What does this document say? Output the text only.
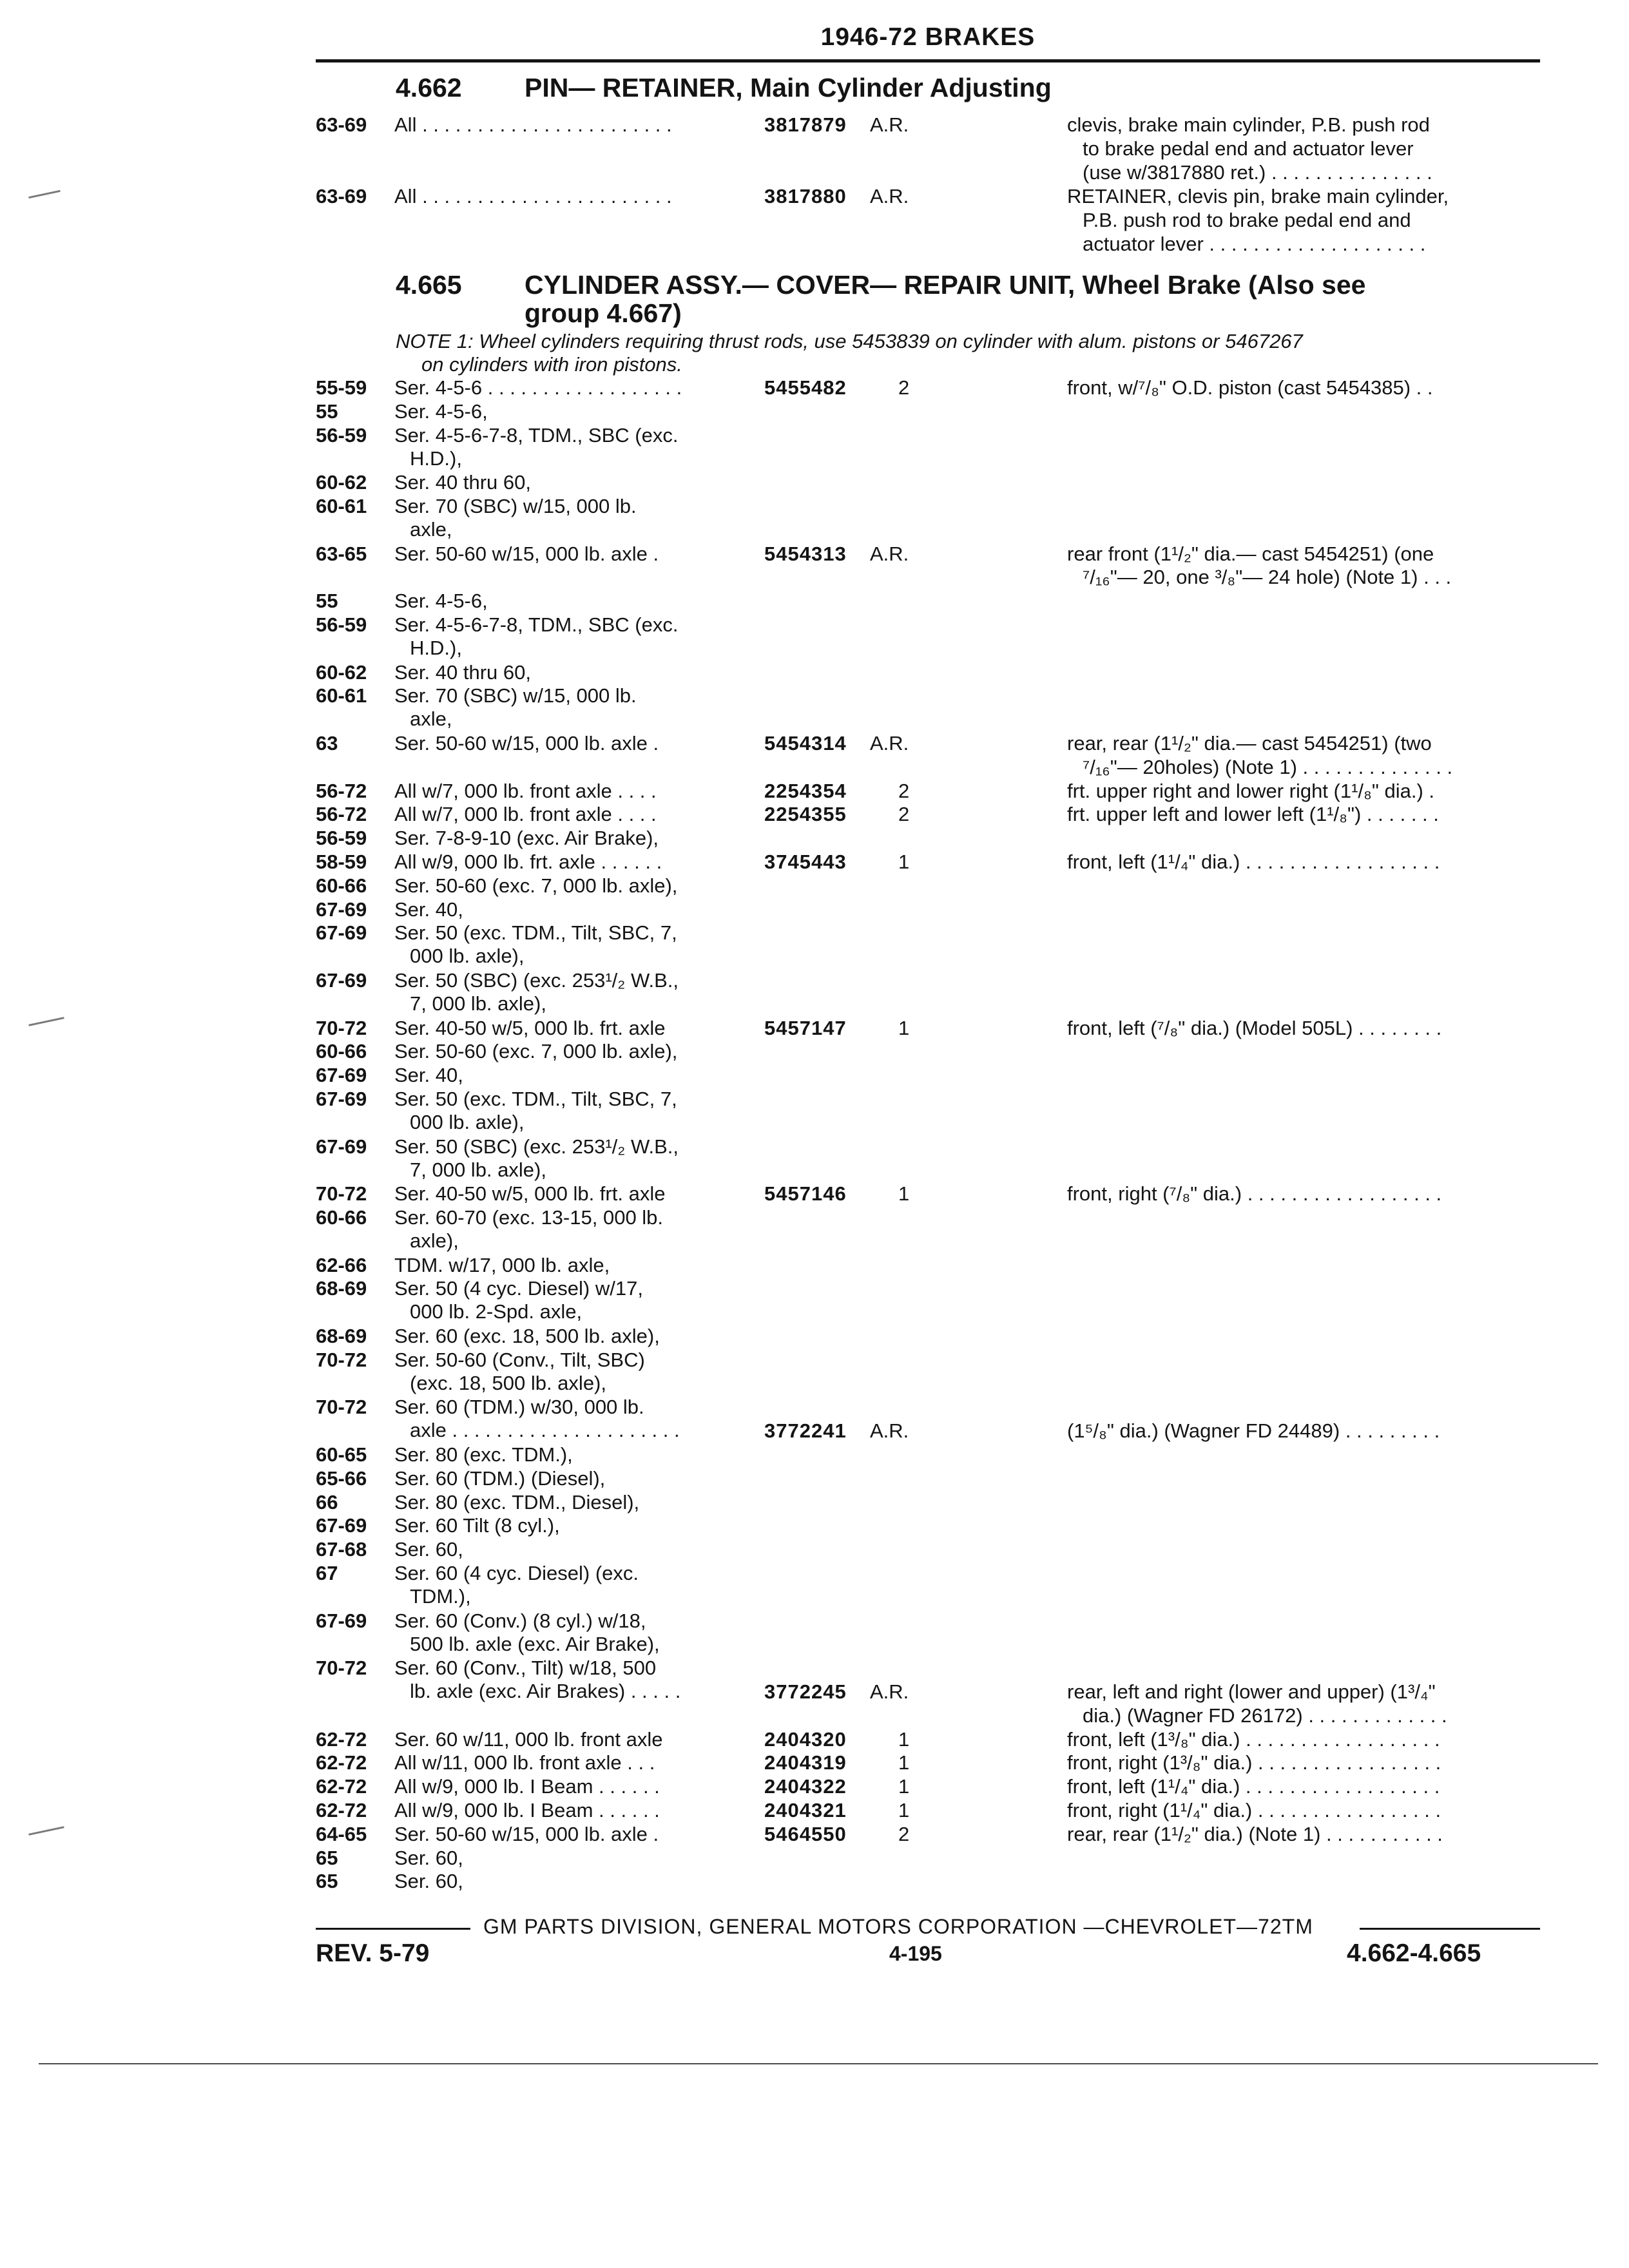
1946-72 BRAKES
4.662 PIN— RETAINER, Main Cylinder Adjusting
63-69 All . . . . . . . . . . . . . . . . . . . . . . .	3817879 A.R.	clevis, brake main cylinder, P.B. push rod
to brake pedal end and actuator lever
(use w/3817880 ret.) . . . . . . . . . . . . . . .
63-69 All . . . . . . . . . . . . . . . . . . . . . . .	3817880 A.R.	RETAINER, clevis pin, brake main cylinder,
P.B. push rod to brake pedal end and
actuator lever . . . . . . . . . . . . . . . . . . . .
4.665 CYLINDER ASSY.— COVER— REPAIR UNIT, Wheel Brake (Also see
group 4.667)
NOTE 1: Wheel cylinders requiring thrust rods, use 5453839 on cylinder with alum. pistons or 5467267
on cylinders with iron pistons.
55-59 Ser. 4-5-6 . . . . . . . . . . . . . . . . . .	5455482	2	front, w/⁷/₈" O.D. piston (cast 5454385) . .
55	Ser. 4-5-6,
56-59 Ser. 4-5-6-7-8, TDM., SBC (exc.
H.D.),
60-62 Ser. 40 thru 60,
60-61 Ser. 70 (SBC) w/15, 000 lb.
axle,
63-65 Ser. 50-60 w/15, 000 lb. axle .	5454313 A.R.	rear front (1¹/₂" dia.— cast 5454251) (one
⁷/₁₆"— 20, one ³/₈"— 24 hole) (Note 1) . . .
55	Ser. 4-5-6,
56-59 Ser. 4-5-6-7-8, TDM., SBC (exc.
H.D.),
60-62 Ser. 40 thru 60,
60-61 Ser. 70 (SBC) w/15, 000 lb.
axle,
63	Ser. 50-60 w/15, 000 lb. axle .	5454314 A.R.	rear, rear (1¹/₂" dia.— cast 5454251) (two
⁷/₁₆"— 20holes) (Note 1) . . . . . . . . . . . . . .
56-72 All w/7, 000 lb. front axle . . . .	2254354	2	frt. upper right and lower right (1¹/₈" dia.) .
56-72 All w/7, 000 lb. front axle . . . .	2254355	2	frt. upper left and lower left (1¹/₈") . . . . . . .
56-59 Ser. 7-8-9-10 (exc. Air Brake),
58-59 All w/9, 000 lb. frt. axle . . . . . .	3745443	1	front, left (1¹/₄" dia.) . . . . . . . . . . . . . . . . . .
60-66 Ser. 50-60 (exc. 7, 000 lb. axle),
67-69 Ser. 40,
67-69 Ser. 50 (exc. TDM., Tilt, SBC, 7,
000 lb. axle),
67-69 Ser. 50 (SBC) (exc. 253¹/₂ W.B.,
7, 000 lb. axle),
70-72 Ser. 40-50 w/5, 000 lb. frt. axle	5457147	1	front, left (⁷/₈" dia.) (Model 505L) . . . . . . . .
60-66 Ser. 50-60 (exc. 7, 000 lb. axle),
67-69 Ser. 40,
67-69 Ser. 50 (exc. TDM., Tilt, SBC, 7,
000 lb. axle),
67-69 Ser. 50 (SBC) (exc. 253¹/₂ W.B.,
7, 000 lb. axle),
70-72 Ser. 40-50 w/5, 000 lb. frt. axle	5457146	1	front, right (⁷/₈" dia.) . . . . . . . . . . . . . . . . . .
60-66 Ser. 60-70 (exc. 13-15, 000 lb.
axle),
62-66 TDM. w/17, 000 lb. axle,
68-69 Ser. 50 (4 cyc. Diesel) w/17,
000 lb. 2-Spd. axle,
68-69 Ser. 60 (exc. 18, 500 lb. axle),
70-72 Ser. 50-60 (Conv., Tilt, SBC)
(exc. 18, 500 lb. axle),
70-72 Ser. 60 (TDM.) w/30, 000 lb.
axle . . . . . . . . . . . . . . . . . . . . .	3772241 A.R.	(1⁵/₈" dia.) (Wagner FD 24489) . . . . . . . . .
60-65 Ser. 80 (exc. TDM.),
65-66 Ser. 60 (TDM.) (Diesel),
66	Ser. 80 (exc. TDM., Diesel),
67-69 Ser. 60 Tilt (8 cyl.),
67-68 Ser. 60,
67	Ser. 60 (4 cyc. Diesel) (exc.
TDM.),
67-69 Ser. 60 (Conv.) (8 cyl.) w/18,
500 lb. axle (exc. Air Brake),
70-72 Ser. 60 (Conv., Tilt) w/18, 500
lb. axle (exc. Air Brakes) . . . . .	3772245 A.R.	rear, left and right (lower and upper) (1³/₄"
dia.) (Wagner FD 26172) . . . . . . . . . . . . .
62-72 Ser. 60 w/11, 000 lb. front axle	2404320	1	front, left (1³/₈" dia.) . . . . . . . . . . . . . . . . . .
62-72 All w/11, 000 lb. front axle . . .	2404319	1	front, right (1³/₈" dia.) . . . . . . . . . . . . . . . . .
62-72 All w/9, 000 lb. I Beam . . . . . .	2404322	1	front, left (1¹/₄" dia.) . . . . . . . . . . . . . . . . . .
62-72 All w/9, 000 lb. I Beam . . . . . .	2404321	1	front, right (1¹/₄" dia.) . . . . . . . . . . . . . . . . .
64-65 Ser. 50-60 w/15, 000 lb. axle .	5464550	2	rear, rear (1¹/₂" dia.) (Note 1) . . . . . . . . . . .
65	Ser. 60,
65	Ser. 60,
GM PARTS DIVISION, GENERAL MOTORS CORPORATION —CHEVROLET—72TM
REV. 5-79	4-195	4.662-4.665
